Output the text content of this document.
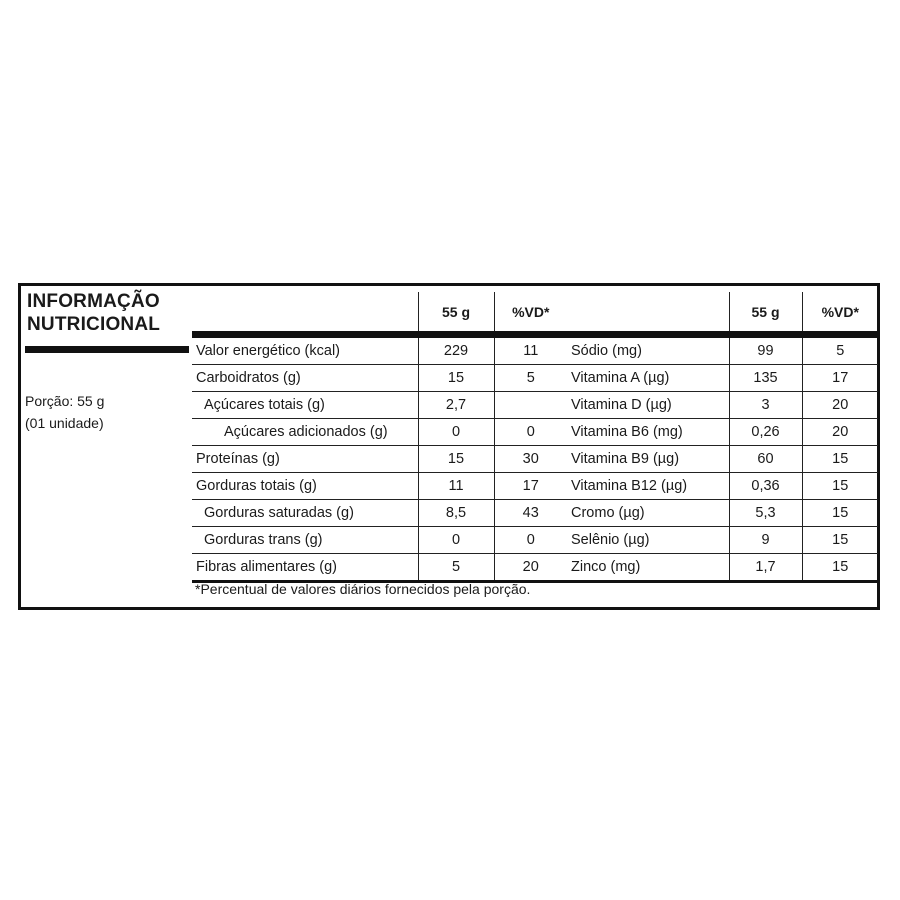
INFORMAÇÃO
NUTRICIONAL
Porção: 55 g
(01 unidade)
	55 g	%VD*		55 g	%VD*
Valor energético (kcal)	229	11	Sódio (mg)	99	5
Carboidratos (g)	15	5	Vitamina A (µg)	135	17
Açúcares totais (g)	2,7		Vitamina D (µg)	3	20
Açúcares adicionados (g)	0	0	Vitamina B6 (mg)	0,26	20
Proteínas (g)	15	30	Vitamina B9 (µg)	60	15
Gorduras totais (g)	11	17	Vitamina B12 (µg)	0,36	15
Gorduras saturadas (g)	8,5	43	Cromo (µg)	5,3	15
Gorduras trans (g)	0	0	Selênio (µg)	9	15
Fibras alimentares (g)	5	20	Zinco (mg)	1,7	15
*Percentual de valores diários fornecidos pela porção.
